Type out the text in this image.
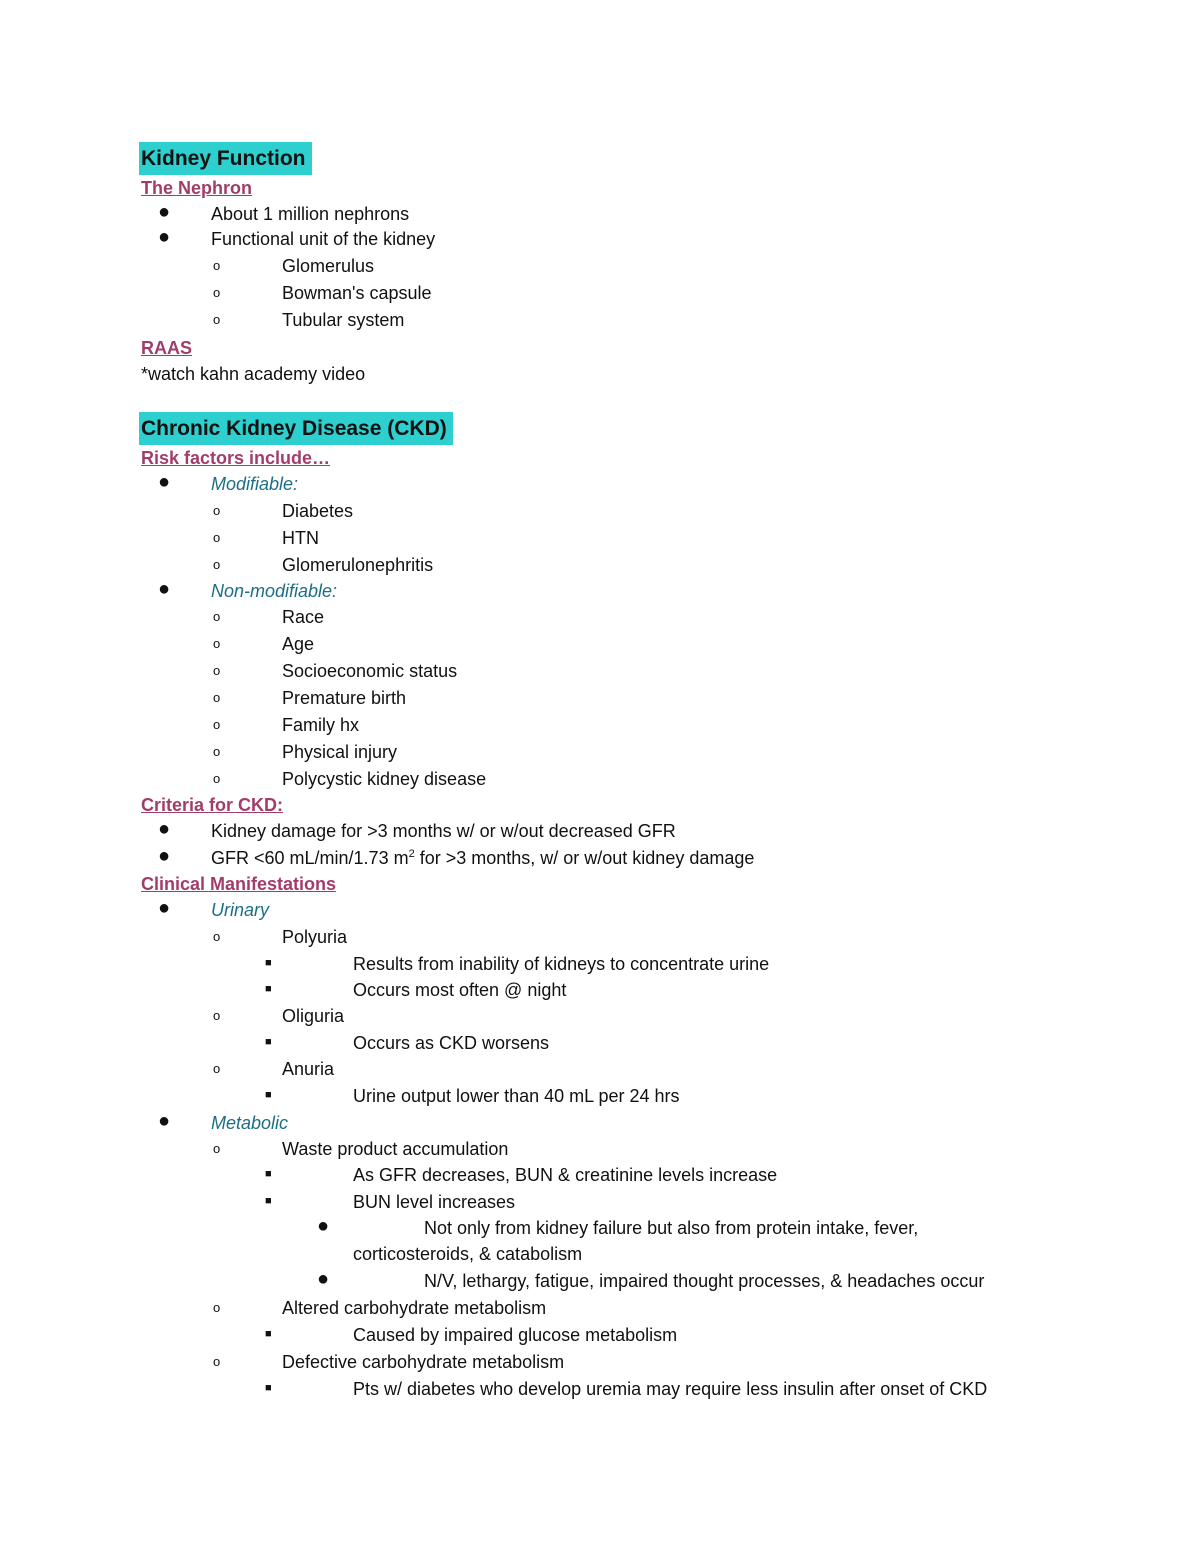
Kidney Function
The Nephron
● About 1 million nephrons
● Functional unit of the kidney
o	Glomerulus
o	Bowman's capsule
o	Tubular system
RAAS
*watch kahn academy video
Chronic Kidney Disease (CKD)
Risk factors include…
● Modifiable:
o	Diabetes
o	HTN
o	Glomerulonephritis
● Non-modifiable:
o	Race
o	Age
o	Socioeconomic status
o	Premature birth
o	Family hx
o	Physical injury
o	Polycystic kidney disease
Criteria for CKD:
● Kidney damage for >3 months w/ or w/out decreased GFR
● GFR <60 mL/min/1.73 $m^2$ for >3 months, w/ or w/out kidney damage
Clinical Manifestations
● Urinary
o	Polyuria
■	Results from inability of kidneys to concentrate urine
■	Occurs most often @ night
o	Oliguria
■	Occurs as CKD worsens
o	Anuria
■	Urine output lower than 40 mL per 24 hrs
● Metabolic
o	Waste product accumulation
■	As GFR decreases, BUN & creatinine levels increase
■	BUN level increases
●	Not only from kidney failure but also from protein intake, fever,
corticosteroids, & catabolism
●	N/V, lethargy, fatigue, impaired thought processes, & headaches occur
o	Altered carbohydrate metabolism
■	Caused by impaired glucose metabolism
o	Defective carbohydrate metabolism
■	Pts w/ diabetes who develop uremia may require less insulin after onset of CKD
